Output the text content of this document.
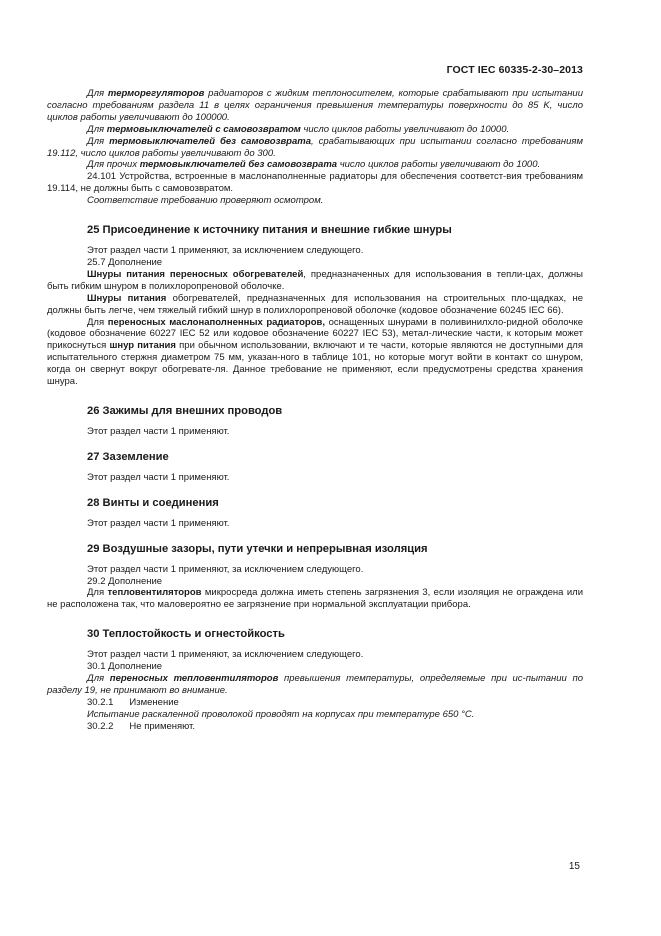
ГОСТ IEC 60335-2-30–2013

Для терморегуляторов радиаторов с жидким теплоносителем, которые срабатывают при испытании согласно требованиям раздела 11 в целях ограничения превышения температуры поверхности до 85 K, число циклов работы увеличивают до 100000.

Для термовыключателей с самовозвратом число циклов работы увеличивают до 10000.

Для термовыключателей без самовозврата, срабатывающих при испытании согласно требованиям 19.112, число циклов работы увеличивают до 300.

Для прочих термовыключателей без самовозврата число циклов работы увеличивают до 1000.

24.101 Устройства, встроенные в маслонаполненные радиаторы для обеспечения соответст-вия требованиям 19.114, не должны быть с самовозвратом.

Соответствие требованию проверяют осмотром.

25 Присоединение к источнику питания и внешние гибкие шнуры

Этот раздел части 1 применяют, за исключением следующего.

25.7 Дополнение

Шнуры питания переносных обогревателей, предназначенных для использования в тепли-цах, должны быть гибким шнуром в полихлоропреновой оболочке.

Шнуры питания обогревателей, предназначенных для использования на строительных пло-щадках, не должны быть легче, чем тяжелый гибкий шнур в полихлоропреновой оболочке (кодовое обозначение 60245 IEC 66).

Для переносных маслонаполненных радиаторов, оснащенных шнурами в поливинилхло-ридной оболочке (кодовое обозначение 60227 IEC 52 или кодовое обозначение 60227 IEC 53), метал-лические части, к которым может прикоснуться шнур питания при обычном использовании, включают и те части, которые являются не доступными для испытательного стержня диаметром 75 мм, указан-ного в таблице 101, но которые могут войти в контакт со шнуром, когда он свернут вокруг обогревате-ля. Данное требование не применяют, если предусмотрены средства хранения шнура.

26 Зажимы для внешних проводов

Этот раздел части 1 применяют.

27 Заземление

Этот раздел части 1 применяют.

28 Винты и соединения

Этот раздел части 1 применяют.

29 Воздушные зазоры, пути утечки и непрерывная изоляция

Этот раздел части 1 применяют, за исключением следующего.

29.2 Дополнение

Для тепловентиляторов микросреда должна иметь степень загрязнения 3, если изоляция не ограждена или не расположена так, что маловероятно ее загрязнение при нормальной эксплуатации прибора.

30 Теплостойкость и огнестойкость

Этот раздел части 1 применяют, за исключением следующего.

30.1 Дополнение

Для переносных тепловентиляторов превышения температуры, определяемые при ис-пытании по разделу 19, не принимают во внимание.

30.2.1 Изменение

Испытание раскаленной проволокой проводят на корпусах при температуре 650 °C.

30.2.2 Не применяют.

15
